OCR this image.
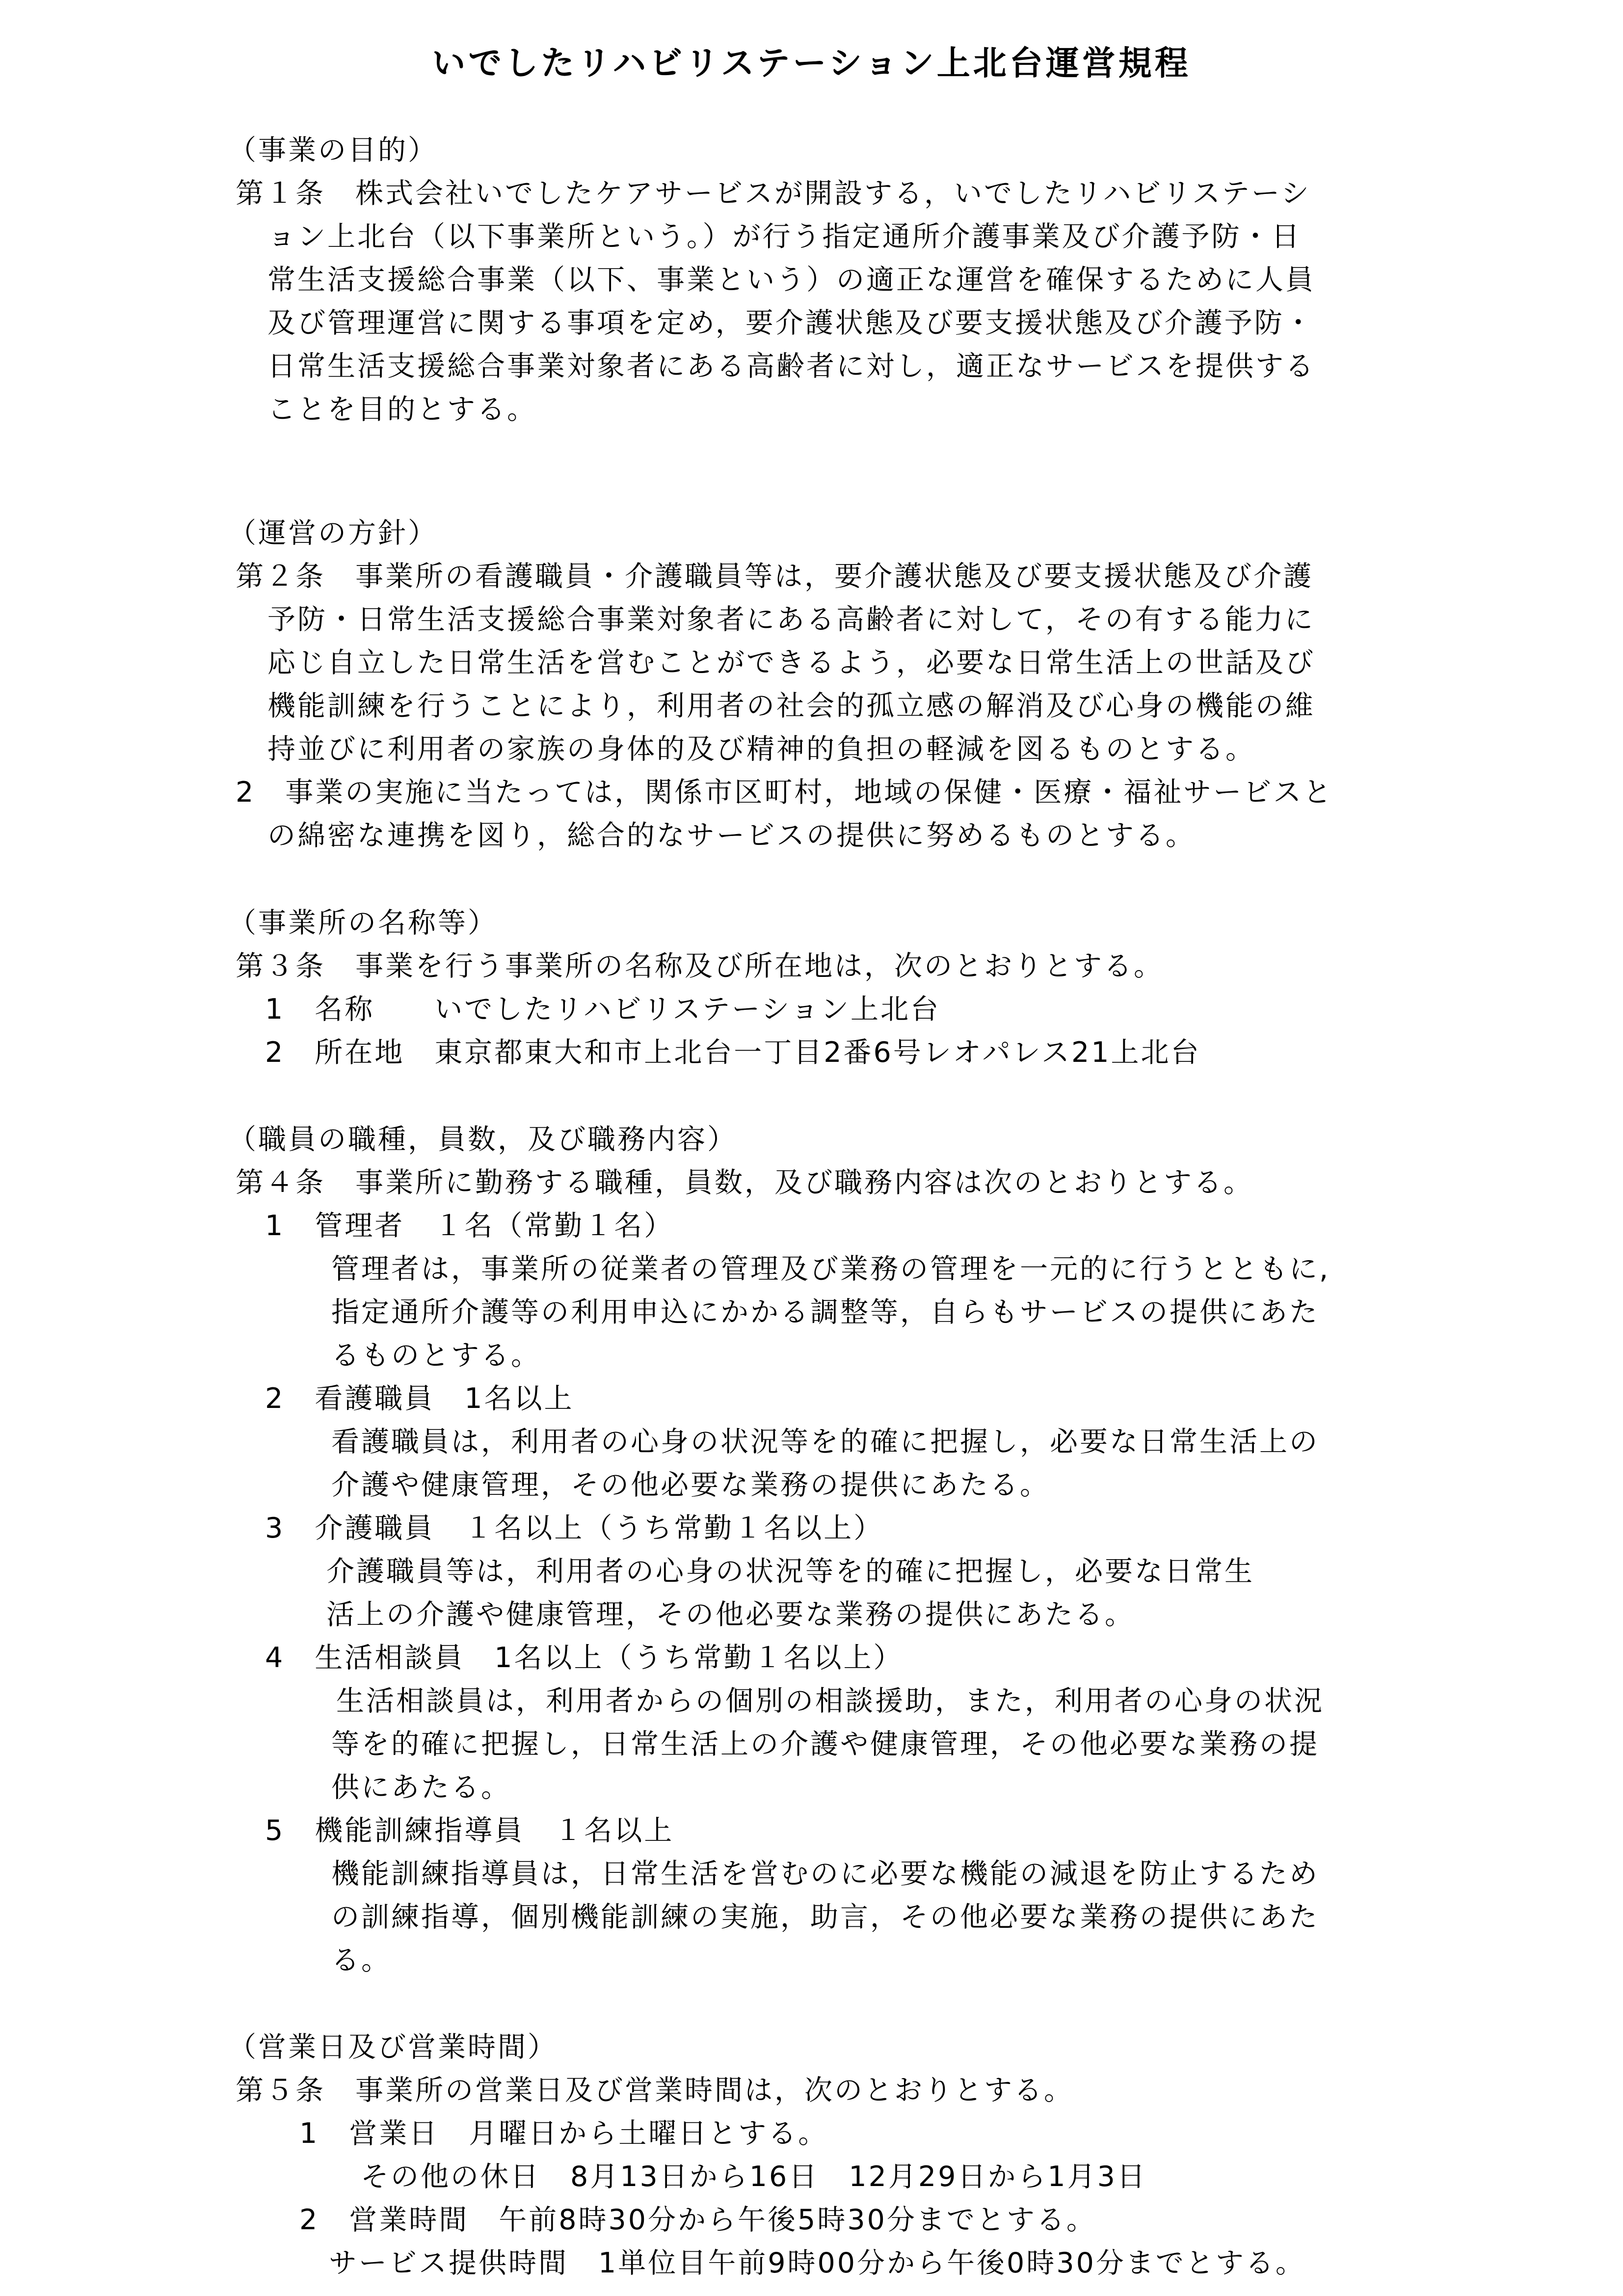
いでしたリハビリステーション上北台運営規程
（事業の目的）
第１条　株式会社いでしたケアサービスが開設する，いでしたリハビリステーシ
ョン上北台（以下事業所という。）が行う指定通所介護事業及び介護予防・日
常生活支援総合事業（以下、事業という）の適正な運営を確保するために人員
及び管理運営に関する事項を定め，要介護状態及び要支援状態及び介護予防・
日常生活支援総合事業対象者にある高齢者に対し，適正なサービスを提供する
ことを目的とする。
（運営の方針）
第２条　事業所の看護職員・介護職員等は，要介護状態及び要支援状態及び介護
予防・日常生活支援総合事業対象者にある高齢者に対して，その有する能力に
応じ自立した日常生活を営むことができるよう，必要な日常生活上の世話及び
機能訓練を行うことにより，利用者の社会的孤立感の解消及び心身の機能の維
持並びに利用者の家族の身体的及び精神的負担の軽減を図るものとする。
2　事業の実施に当たっては，関係市区町村，地域の保健・医療・福祉サービスと
の綿密な連携を図り，総合的なサービスの提供に努めるものとする。
（事業所の名称等）
第３条　事業を行う事業所の名称及び所在地は，次のとおりとする。
1　名称　　いでしたリハビリステーション上北台
2　所在地　東京都東大和市上北台一丁目2番6号レオパレス21上北台
（職員の職種，員数，及び職務内容）
第４条　事業所に勤務する職種，員数，及び職務内容は次のとおりとする。
1　管理者　１名（常勤１名）
管理者は，事業所の従業者の管理及び業務の管理を一元的に行うとともに,
指定通所介護等の利用申込にかかる調整等，自らもサービスの提供にあた
るものとする。
2　看護職員　1名以上
看護職員は，利用者の心身の状況等を的確に把握し，必要な日常生活上の
介護や健康管理，その他必要な業務の提供にあたる。
3　介護職員　１名以上（うち常勤１名以上）
介護職員等は，利用者の心身の状況等を的確に把握し，必要な日常生
活上の介護や健康管理，その他必要な業務の提供にあたる。
4　生活相談員　1名以上（うち常勤１名以上）
生活相談員は，利用者からの個別の相談援助，また，利用者の心身の状況
等を的確に把握し，日常生活上の介護や健康管理，その他必要な業務の提
供にあたる。
5　機能訓練指導員　１名以上
機能訓練指導員は，日常生活を営むのに必要な機能の減退を防止するため
の訓練指導，個別機能訓練の実施，助言，その他必要な業務の提供にあた
る。
（営業日及び営業時間）
第５条　事業所の営業日及び営業時間は，次のとおりとする。
1　営業日　月曜日から土曜日とする。
その他の休日　8月13日から16日　12月29日から1月3日
2　営業時間　午前8時30分から午後5時30分までとする。
サービス提供時間　1単位目午前9時00分から午後0時30分までとする。
